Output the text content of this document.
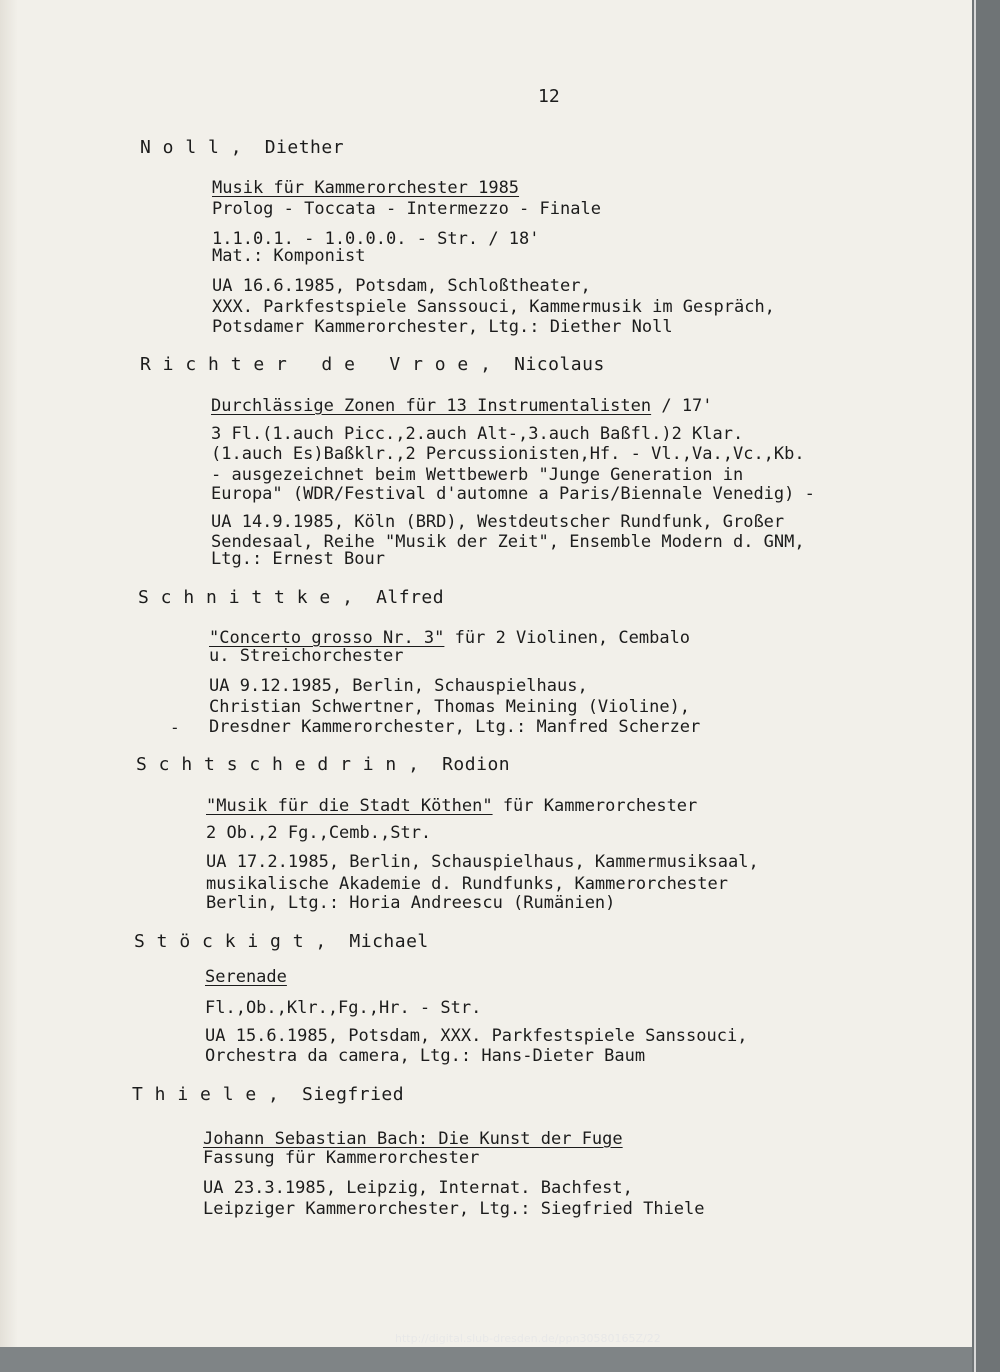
12
N o l l ,  Diether
Musik für Kammerorchester 1985
Prolog - Toccata - Intermezzo - Finale
1.1.0.1. - 1.0.0.0. - Str. / 18'
Mat.: Komponist
UA 16.6.1985, Potsdam, Schloßtheater,
XXX. Parkfestspiele Sanssouci, Kammermusik im Gespräch,
Potsdamer Kammerorchester, Ltg.: Diether Noll
R i c h t e r   d e   V r o e ,  Nicolaus
Durchlässige Zonen für 13 Instrumentalisten / 17'
3 Fl.(1.auch Picc.,2.auch Alt-,3.auch Baßfl.)2 Klar.
(1.auch Es)Baßklr.,2 Percussionisten,Hf. - Vl.,Va.,Vc.,Kb.
- ausgezeichnet beim Wettbewerb "Junge Generation in
Europa" (WDR/Festival d'automne a Paris/Biennale Venedig) -
UA 14.9.1985, Köln (BRD), Westdeutscher Rundfunk, Großer
Sendesaal, Reihe "Musik der Zeit", Ensemble Modern d. GNM,
Ltg.: Ernest Bour
S c h n i t t k e ,  Alfred
"Concerto grosso Nr. 3" für 2 Violinen, Cembalo
u. Streichorchester
UA 9.12.1985, Berlin, Schauspielhaus,
Christian Schwertner, Thomas Meining (Violine),
Dresdner Kammerorchester, Ltg.: Manfred Scherzer
S c h t s c h e d r i n ,  Rodion
"Musik für die Stadt Köthen" für Kammerorchester
2 Ob.,2 Fg.,Cemb.,Str.
UA 17.2.1985, Berlin, Schauspielhaus, Kammermusiksaal,
musikalische Akademie d. Rundfunks, Kammerorchester
Berlin, Ltg.: Horia Andreescu (Rumänien)
S t ö c k i g t ,  Michael
Serenade
Fl.,Ob.,Klr.,Fg.,Hr. - Str.
UA 15.6.1985, Potsdam, XXX. Parkfestspiele Sanssouci,
Orchestra da camera, Ltg.: Hans-Dieter Baum
T h i e l e ,  Siegfried
Johann Sebastian Bach: Die Kunst der Fuge
Fassung für Kammerorchester
UA 23.3.1985, Leipzig, Internat. Bachfest,
Leipziger Kammerorchester, Ltg.: Siegfried Thiele
-
http://digital.slub-dresden.de/ppn30580165Z/22
